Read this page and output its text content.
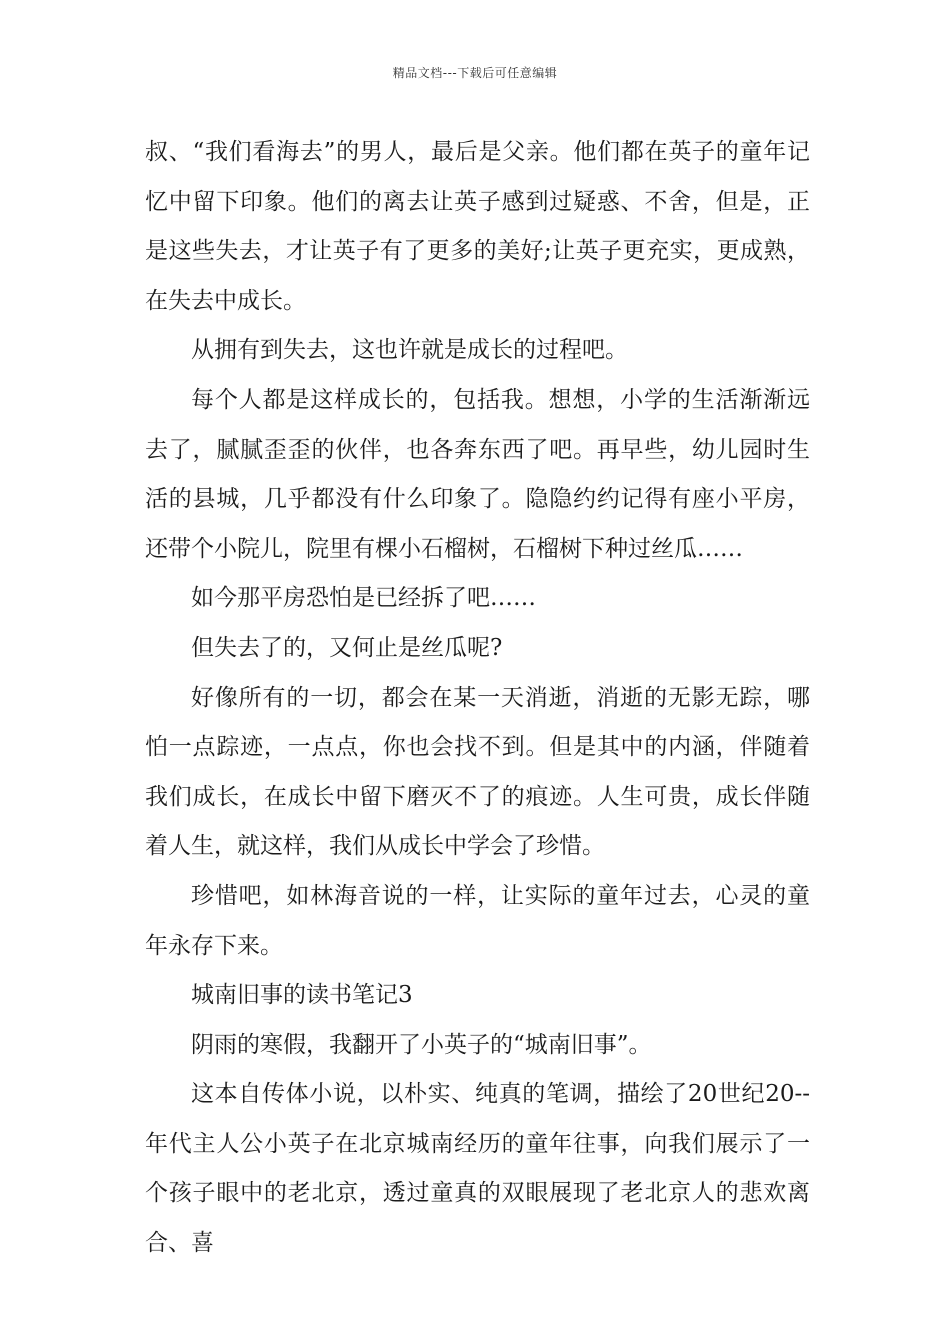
精品文档---下载后可任意编辑

叔、“我们看海去”的男人，最后是父亲。他们都在英子的童年记忆中留下印象。他们的离去让英子感到过疑惑、不舍，但是，正是这些失去，才让英子有了更多的美好;让英子更充实，更成熟，在失去中成长。

从拥有到失去，这也许就是成长的过程吧。

每个人都是这样成长的，包括我。想想，小学的生活渐渐远去了，腻腻歪歪的伙伴，也各奔东西了吧。再早些，幼儿园时生活的县城，几乎都没有什么印象了。隐隐约约记得有座小平房，还带个小院儿，院里有棵小石榴树，石榴树下种过丝瓜……

如今那平房恐怕是已经拆了吧……

但失去了的，又何止是丝瓜呢?

好像所有的一切，都会在某一天消逝，消逝的无影无踪，哪怕一点踪迹，一点点，你也会找不到。但是其中的内涵，伴随着我们成长，在成长中留下磨灭不了的痕迹。人生可贵，成长伴随着人生，就这样，我们从成长中学会了珍惜。

珍惜吧，如林海音说的一样，让实际的童年过去，心灵的童年永存下来。

城南旧事的读书笔记3

阴雨的寒假，我翻开了小英子的“城南旧事”。

这本自传体小说，以朴实、纯真的笔调，描绘了20世纪20--年代主人公小英子在北京城南经历的童年往事，向我们展示了一个孩子眼中的老北京，透过童真的双眼展现了老北京人的悲欢离合、喜
